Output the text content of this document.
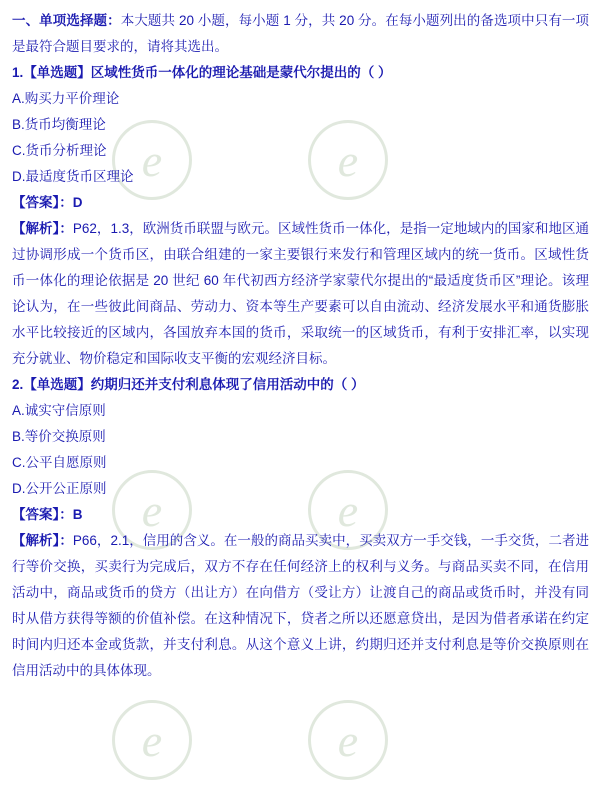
e	e
e	e
e	e

一、单项选择题：本大题共 20 小题，每小题 1 分，共 20 分。在每小题列出的备选项中只有一项是最符合题目要求的，请将其选出。

1.【单选题】区域性货币一体化的理论基础是蒙代尔提出的（ ）

A.购买力平价理论

B.货币均衡理论

C.货币分析理论

D.最适度货币区理论

【答案】：D

【解析】：P62，1.3，欧洲货币联盟与欧元。区域性货币一体化，是指一定地域内的国家和地区通过协调形成一个货币区，由联合组建的一家主要银行来发行和管理区域内的统一货币。区域性货币一体化的理论依据是 20 世纪 60 年代初西方经济学家蒙代尔提出的“最适度货币区”理论。该理论认为，在一些彼此间商品、劳动力、资本等生产要素可以自由流动、经济发展水平和通货膨胀水平比较接近的区域内，各国放弃本国的货币，采取统一的区域货币，有利于安排汇率，以实现充分就业、物价稳定和国际收支平衡的宏观经济目标。

2.【单选题】约期归还并支付利息体现了信用活动中的（ ）

A.诚实守信原则

B.等价交换原则

C.公平自愿原则

D.公开公正原则

【答案】：B

【解析】：P66，2.1，信用的含义。在一般的商品买卖中，买卖双方一手交钱，一手交货，二者进行等价交换，买卖行为完成后，双方不存在任何经济上的权利与义务。与商品买卖不同，在信用活动中，商品或货币的贷方（出让方）在向借方（受让方）让渡自己的商品或货币时，并没有同时从借方获得等额的价值补偿。在这种情况下，贷者之所以还愿意贷出，是因为借者承诺在约定时间内归还本金或货款，并支付利息。从这个意义上讲，约期归还并支付利息是等价交换原则在信用活动中的具体体现。
